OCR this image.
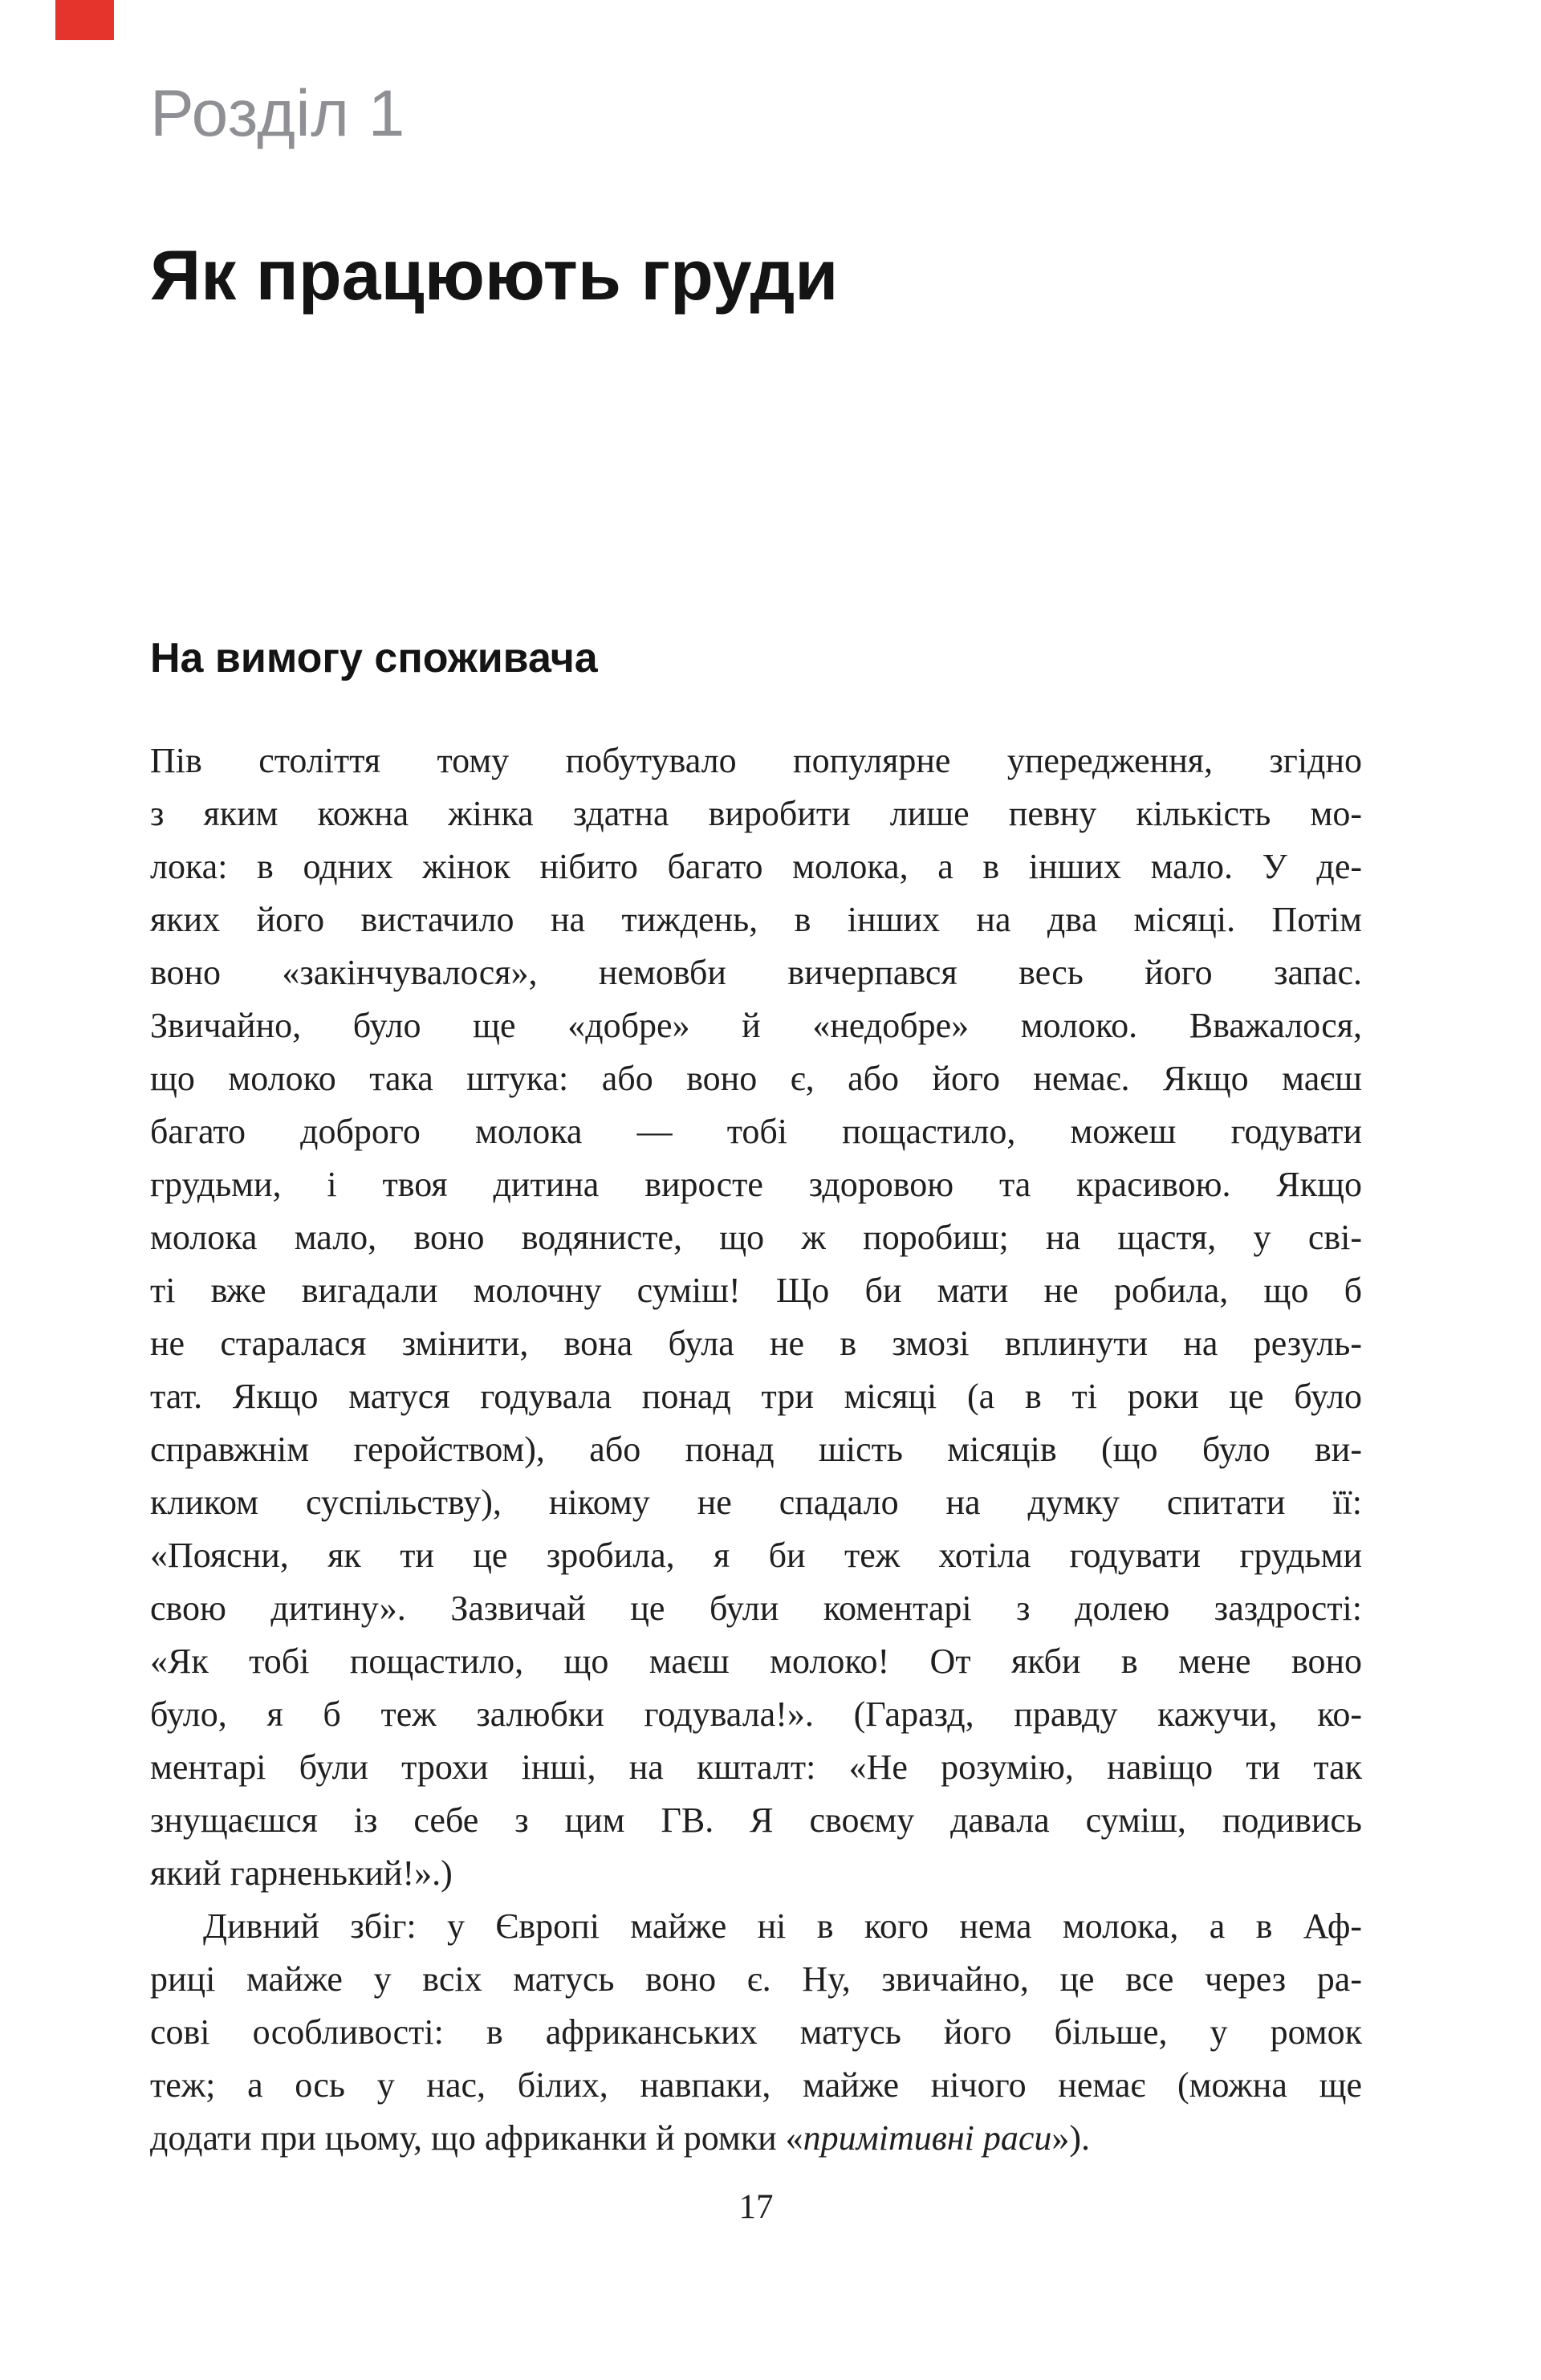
Розділ 1
Як працюють груди
На вимогу споживача
Пів століття тому побутувало популярне упередження, згідно
з яким кожна жінка здатна виробити лише певну кількість мо-
лока: в одних жінок нібито багато молока, а в інших мало. У де-
яких його вистачило на тиждень, в інших на два місяці. Потім
воно «закінчувалося», немовби вичерпався весь його запас.
Звичайно, було ще «добре» й «недобре» молоко. Вважалося,
що молоко така штука: або воно є, або його немає. Якщо маєш
багато доброго молока — тобі пощастило, можеш годувати
грудьми, і твоя дитина виросте здоровою та красивою. Якщо
молока мало, воно водянисте, що ж поробиш; на щастя, у сві-
ті вже вигадали молочну суміш! Що би мати не робила, що б
не старалася змінити, вона була не в змозі вплинути на резуль-
тат. Якщо матуся годувала понад три місяці (а в ті роки це було
справжнім геройством), або понад шість місяців (що було ви-
кликом суспільству), нікому не спадало на думку спитати її:
«Поясни, як ти це зробила, я би теж хотіла годувати грудьми
свою дитину». Зазвичай це були коментарі з долею заздрості:
«Як тобі пощастило, що маєш молоко! От якби в мене воно
було, я б теж залюбки годувала!». (Гаразд, правду кажучи, ко-
ментарі були трохи інші, на кшталт: «Не розумію, навіщо ти так
знущаєшся із себе з цим ГВ. Я своєму давала суміш, подивись
який гарненький!».)
Дивний збіг: у Європі майже ні в кого нема молока, а в Аф-
риці майже у всіх матусь воно є. Ну, звичайно, це все через ра-
сові особливості: в африканських матусь його більше, у ромок
теж; а ось у нас, білих, навпаки, майже нічого немає (можна ще
додати при цьому, що африканки й ромки «примітивні раси»).
17
